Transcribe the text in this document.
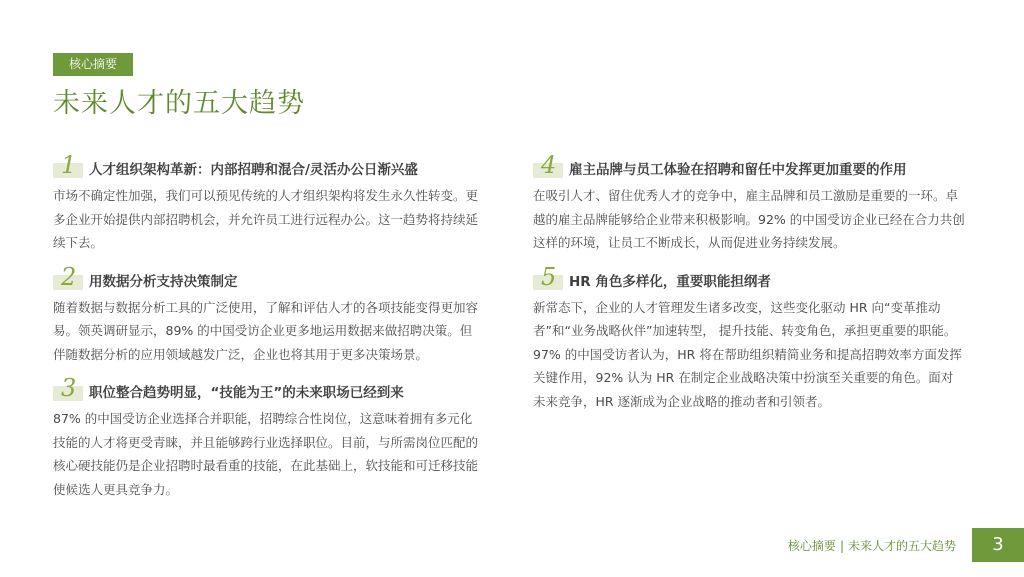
核心摘要
未来人才的五大趋势
1 人才组织架构革新：内部招聘和混合/灵活办公日渐兴盛
市场不确定性加强，我们可以预见传统的人才组织架构将发生永久性转变。更多企业开始提供内部招聘机会，并允许员工进行远程办公。这一趋势将持续延续下去。
2 用数据分析支持决策制定
随着数据与数据分析工具的广泛使用，了解和评估人才的各项技能变得更加容易。领英调研显示，89% 的中国受访企业更多地运用数据来做招聘决策。但伴随数据分析的应用领域越发广泛，企业也将其用于更多决策场景。
3 职位整合趋势明显，“技能为王”的未来职场已经到来
87% 的中国受访企业选择合并职能，招聘综合性岗位，这意味着拥有多元化技能的人才将更受青睐，并且能够跨行业选择职位。目前，与所需岗位匹配的核心硬技能仍是企业招聘时最看重的技能，在此基础上，软技能和可迁移技能使候选人更具竞争力。
4 雇主品牌与员工体验在招聘和留任中发挥更加重要的作用
在吸引人才、留住优秀人才的竞争中，雇主品牌和员工激励是重要的一环。卓越的雇主品牌能够给企业带来积极影响。92% 的中国受访企业已经在合力共创这样的环境，让员工不断成长，从而促进业务持续发展。
5 HR 角色多样化，重要职能担纲者
新常态下，企业的人才管理发生诸多改变，这些变化驱动 HR 向“变革推动者”和“业务战略伙伴”加速转型， 提升技能、转变角色，承担更重要的职能。97% 的中国受访者认为，HR 将在帮助组织精简业务和提高招聘效率方面发挥关键作用，92% 认为 HR 在制定企业战略决策中扮演至关重要的角色。面对未来竞争，HR 逐渐成为企业战略的推动者和引领者。
核心摘要 | 未来人才的五大趋势	3
